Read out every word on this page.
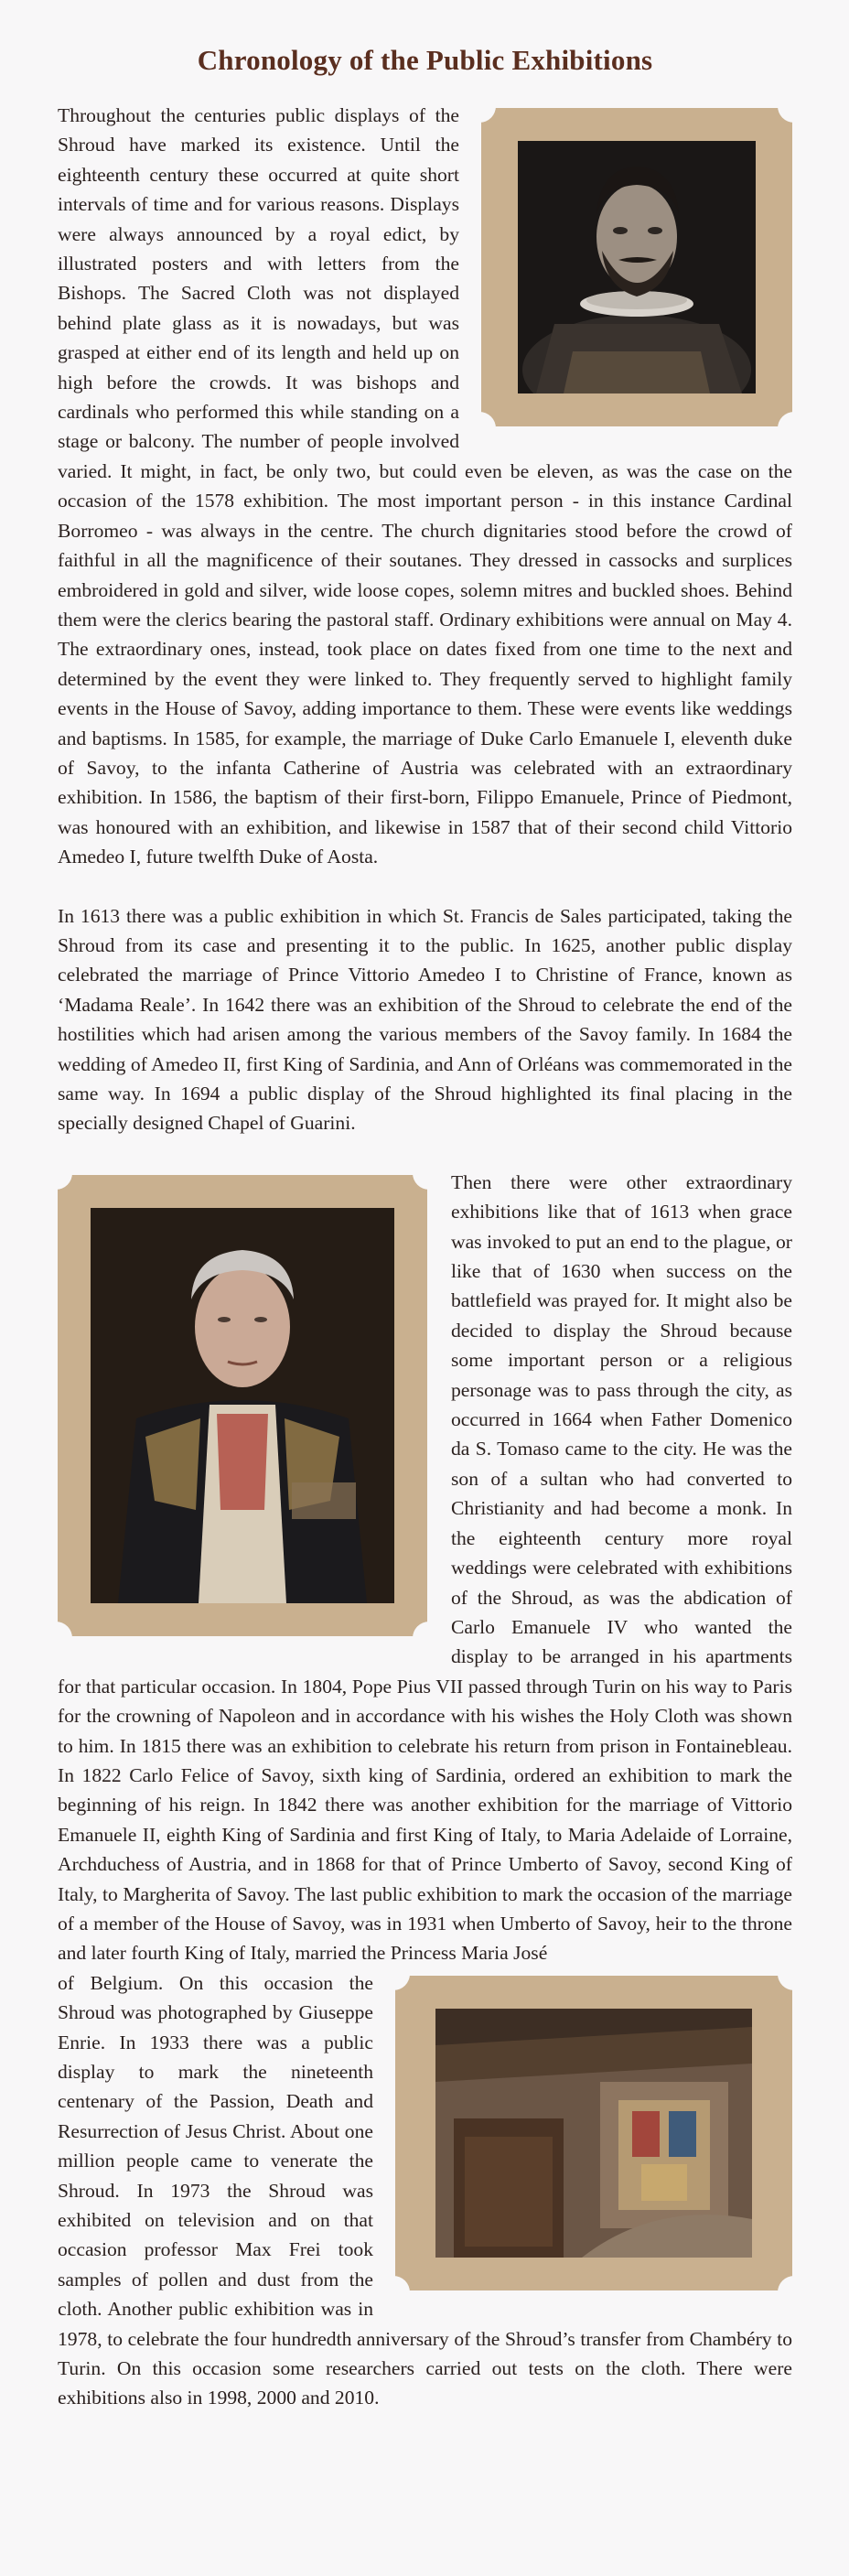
Chronology of the Public Exhibitions

Throughout the centuries public displays of the Shroud have marked its existence. Until the eighteenth century these occurred at quite short intervals of time and for various reasons. Displays were always announced by a royal edict, by illustrated posters and with letters from the Bishops. The Sacred Cloth was not displayed behind plate glass as it is nowadays, but was grasped at either end of its length and held up on high before the crowds. It was bishops and cardinals who performed this while standing on a stage or balcony. The number of people involved varied. It might, in fact, be only two, but could even be eleven, as was the case on the occasion of the 1578 exhibition. The most important person - in this instance Cardinal Borromeo - was always in the centre. The church dignitaries stood before the crowd of faithful in all the magnificence of their soutanes. They dressed in cassocks and surplices embroidered in gold and silver, wide loose copes, solemn mitres and buckled shoes. Behind them were the clerics bearing the pastoral staff. Ordinary exhibitions were annual on May 4. The extraordinary ones, instead, took place on dates fixed from one time to the next and determined by the event they were linked to. They frequently served to highlight family events in the House of Savoy, adding importance to them. These were events like weddings and baptisms. In 1585, for example, the marriage of Duke Carlo Emanuele I, eleventh duke of Savoy, to the infanta Catherine of Austria was celebrated with an extraordinary exhibition. In 1586, the baptism of their first-born, Filippo Emanuele, Prince of Piedmont, was honoured with an exhibition, and likewise in 1587 that of their second child Vittorio Amedeo I, future twelfth Duke of Aosta.

In 1613 there was a public exhibition in which St. Francis de Sales participated, taking the Shroud from its case and presenting it to the public. In 1625, another public display celebrated the marriage of Prince Vittorio Amedeo I to Christine of France, known as ‘Madama Reale’. In 1642 there was an exhibition of the Shroud to celebrate the end of the hostilities which had arisen among the various members of the Savoy family. In 1684 the wedding of Amedeo II, first King of Sardinia, and Ann of Orléans was commemorated in the same way. In 1694 a public display of the Shroud highlighted its final placing in the specially designed Chapel of Guarini.

Then there were other extraordinary exhibitions like that of 1613 when grace was invoked to put an end to the plague, or like that of 1630 when success on the battlefield was prayed for. It might also be decided to display the Shroud because some important person or a religious personage was to pass through the city, as occurred in 1664 when Father Domenico da S. Tomaso came to the city. He was the son of a sultan who had converted to Christianity and had become a monk. In the eighteenth century more royal weddings were celebrated with exhibitions of the Shroud, as was the abdication of Carlo Emanuele IV who wanted the display to be arranged in his apartments for that particular occasion. In 1804, Pope Pius VII passed through Turin on his way to Paris for the crowning of Napoleon and in accordance with his wishes the Holy Cloth was shown to him. In 1815 there was an exhibition to celebrate his return from prison in Fontainebleau. In 1822 Carlo Felice of Savoy, sixth king of Sardinia, ordered an exhibition to mark the beginning of his reign. In 1842 there was another exhibition for the marriage of Vittorio Emanuele II, eighth King of Sardinia and first King of Italy, to Maria Adelaide of Lorraine, Archduchess of Austria, and in 1868 for that of Prince Umberto of Savoy, second King of Italy, to Margherita of Savoy. The last public exhibition to mark the occasion of the marriage of a member of the House of Savoy, was in 1931 when Umberto of Savoy, heir to the throne and later fourth King of Italy, married the Princess Maria José

of Belgium. On this occasion the Shroud was photographed by Giuseppe Enrie. In 1933 there was a public display to mark the nineteenth centenary of the Passion, Death and Resurrection of Jesus Christ. About one million people came to venerate the Shroud. In 1973 the Shroud was exhibited on television and on that occasion professor Max Frei took samples of pollen and dust from the cloth. Another public exhibition was in 1978, to celebrate the four hundredth anniversary of the Shroud’s transfer from Chambéry to Turin. On this occasion some researchers carried out tests on the cloth. There were exhibitions also in 1998, 2000 and 2010.
